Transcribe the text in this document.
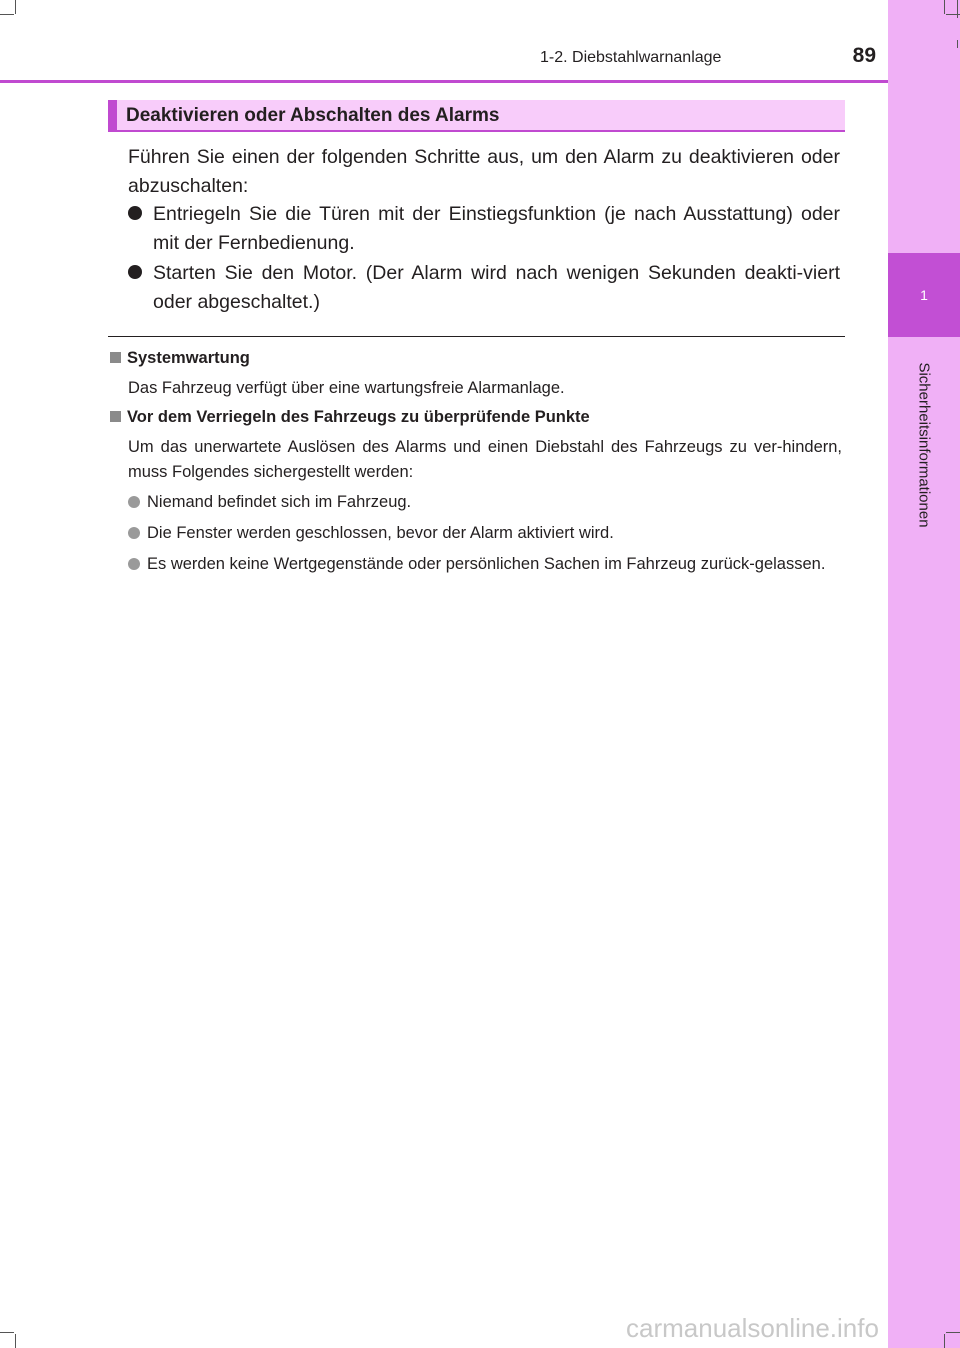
1-2. Diebstahlwarnanlage	89
1
Sicherheitsinformationen
Deaktivieren oder Abschalten des Alarms
Führen Sie einen der folgenden Schritte aus, um den Alarm zu deaktivieren oder abzuschalten:
Entriegeln Sie die Türen mit der Einstiegsfunktion (je nach Ausstattung) oder mit der Fernbedienung.
Starten Sie den Motor. (Der Alarm wird nach wenigen Sekunden deakti-viert oder abgeschaltet.)
Systemwartung
Das Fahrzeug verfügt über eine wartungsfreie Alarmanlage.
Vor dem Verriegeln des Fahrzeugs zu überprüfende Punkte
Um das unerwartete Auslösen des Alarms und einen Diebstahl des Fahrzeugs zu ver-hindern, muss Folgendes sichergestellt werden:
Niemand befindet sich im Fahrzeug.
Die Fenster werden geschlossen, bevor der Alarm aktiviert wird.
Es werden keine Wertgegenstände oder persönlichen Sachen im Fahrzeug zurück-gelassen.
carmanualsonline.info
